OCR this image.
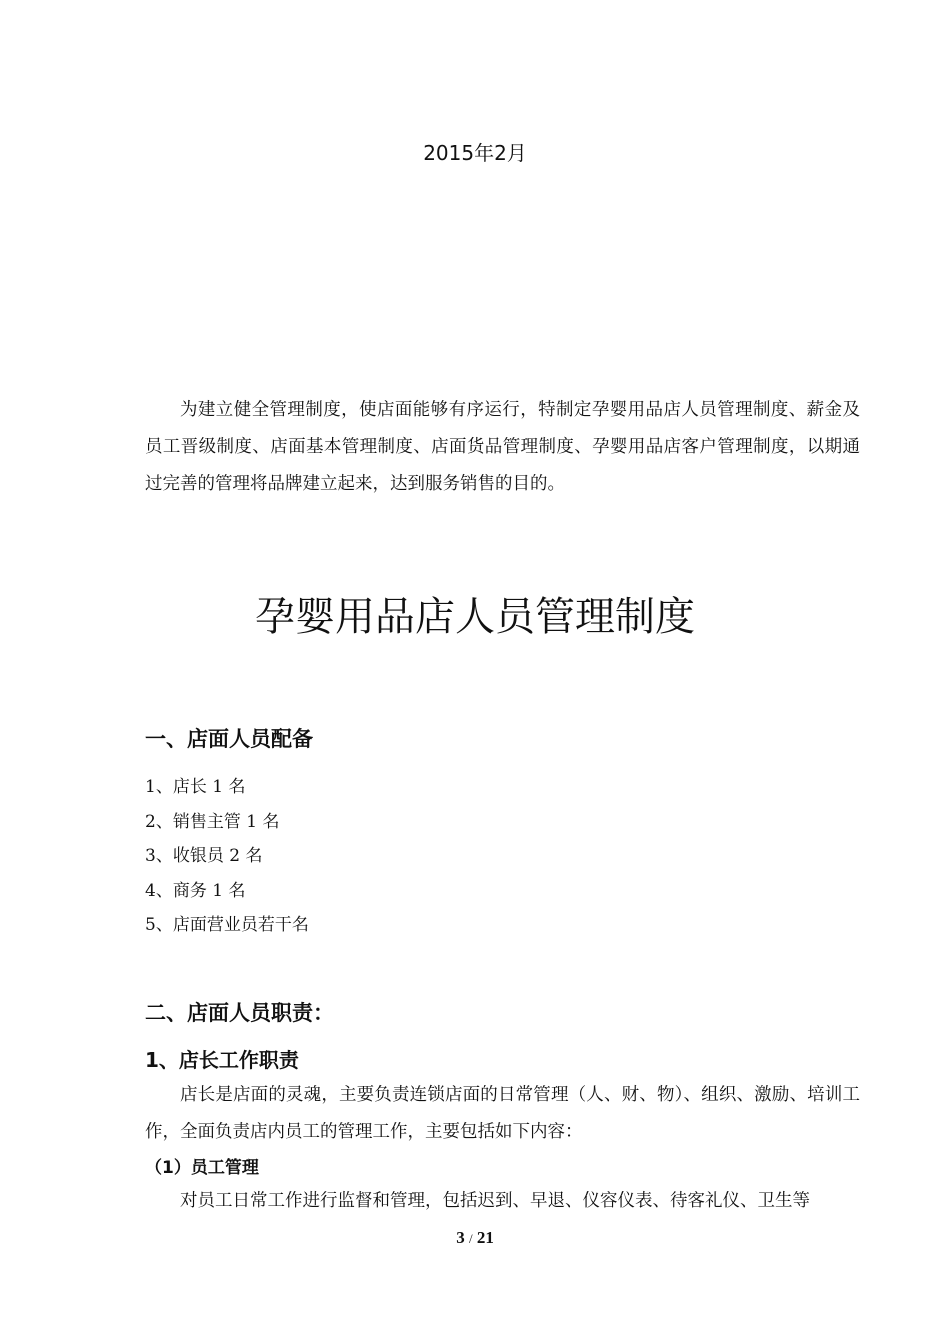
2015年2月

为建立健全管理制度，使店面能够有序运行，特制定孕婴用品店人员管理制度、薪金及员工晋级制度、店面基本管理制度、店面货品管理制度、孕婴用品店客户管理制度，以期通过完善的管理将品牌建立起来，达到服务销售的目的。

孕婴用品店人员管理制度
一、店面人员配备
1、店长 1 名
2、销售主管 1 名
3、收银员 2 名
4、商务 1 名
5、店面营业员若干名
二、店面人员职责：
1、店长工作职责

店长是店面的灵魂，主要负责连锁店面的日常管理（人、财、物）、组织、激励、培训工作，全面负责店内员工的管理工作，主要包括如下内容：

（1）员工管理

对员工日常工作进行监督和管理，包括迟到、早退、仪容仪表、待客礼仪、卫生等

3 / 21
